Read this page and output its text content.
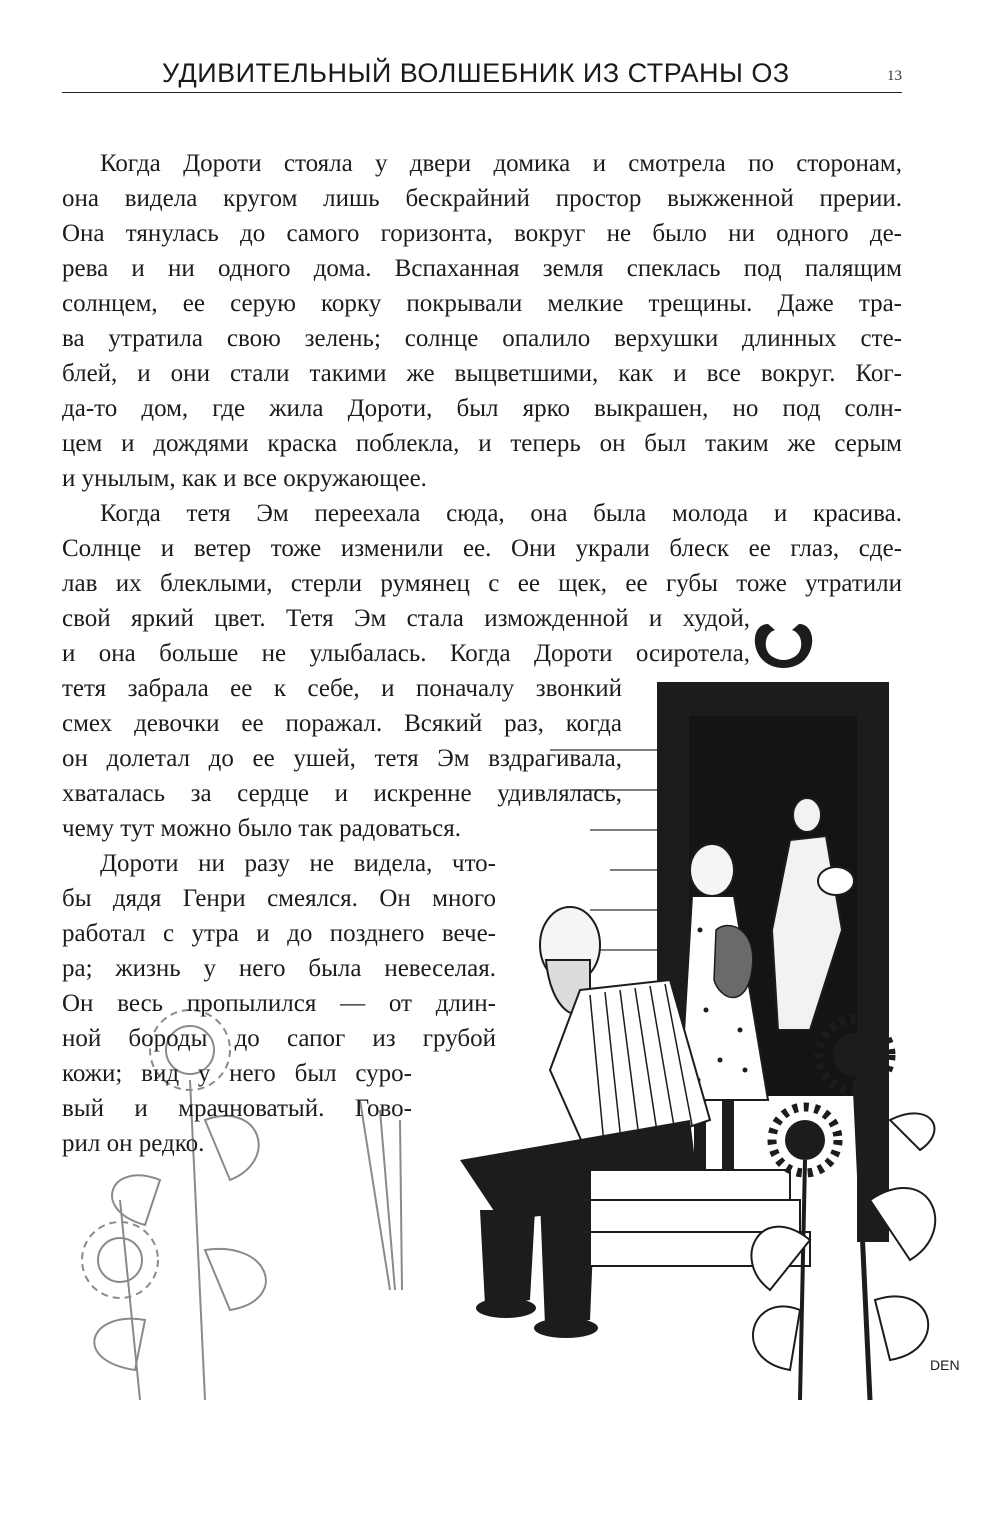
УДИВИТЕЛЬНЫЙ ВОЛШЕБНИК ИЗ СТРАНЫ ОЗ	13
DEN
Когда Дороти стояла у двери домика и смотрела по сторонам,
она видела кругом лишь бескрайний простор выжженной прерии.
Она тянулась до самого горизонта, вокруг не было ни одного де-
рева и ни одного дома. Вспаханная земля спеклась под палящим
солнцем, ее серую корку покрывали мелкие трещины. Даже тра-
ва утратила свою зелень; солнце опалило верхушки длинных сте-
блей, и они стали такими же выцветшими, как и все вокруг. Ког-
да-то дом, где жила Дороти, был ярко выкрашен, но под солн-
цем и дождями краска поблекла, и теперь он был таким же серым
и унылым, как и все окружающее.
Когда тетя Эм переехала сюда, она была молода и красива.
Солнце и ветер тоже изменили ее. Они украли блеск ее глаз, сде-
лав их блеклыми, стерли румянец с ее щек, ее губы тоже утратили
свой яркий цвет. Тетя Эм стала изможденной и худой,
и она больше не улыбалась. Когда Дороти осиротела,
тетя забрала ее к себе, и поначалу звонкий
смех девочки ее поражал. Всякий раз, когда
он долетал до ее ушей, тетя Эм вздрагивала,
хваталась за сердце и искренне удивлялась,
чему тут можно было так радоваться.
Дороти ни разу не видела, что-
бы дядя Генри смеялся. Он много
работал с утра и до позднего вече-
ра; жизнь у него была невеселая.
Он весь пропылился — от длин-
ной бороды до сапог из грубой
кожи; вид у него был суро-
вый и мрачноватый. Гово-
рил он редко.
